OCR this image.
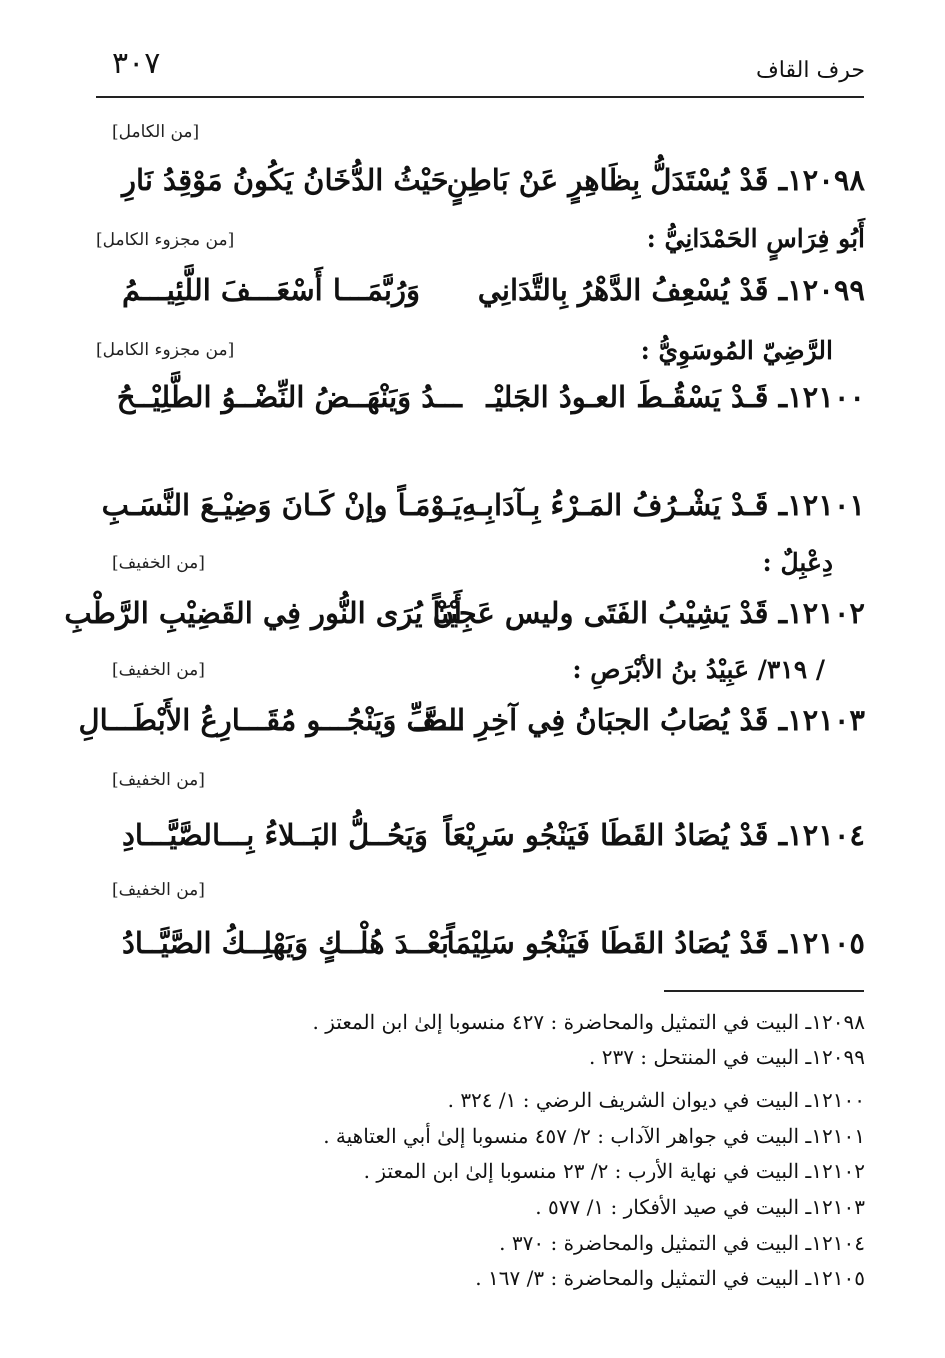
حرف القاف
٣٠٧
[من الكامل]
١٢٠٩٨ـ قَدْ يُسْتَدَلُّ بِظَاهِرٍ عَنْ بَاطِنٍ
حَيْثُ الدُّخَانُ يَكُونُ مَوْقِدُ نَارِ
أَبُو فِرَاسٍ الحَمْدَانِيُّ :
[من مجزوء الكامل]
١٢٠٩٩ـ قَدْ يُسْعِفُ الدَّهْرُ بِالتَّدَانِي
وَرُبَّمَـــا أَسْعَـــفَ اللَّئِيـــمُ
الرَّضِيّ المُوسَوِيُّ :
[من مجزوء الكامل]
١٢١٠٠ـ قَـدْ يَسْقُـطَ العـودُ الجَليْـ
ـــدُ وَيَنْهَــضُ النِّضْــوُ الطَّلِيْــحُ
١٢١٠١ـ قَـدْ يَشْـرُفُ المَـرْءُ بِـآدَابِـهِ
يَـوْمَـاً وإنْ كَـانَ وَضِيْـعَ النَّسَـبِ
دِعْبِلٌ :
[من الخفيف]
١٢١٠٢ـ قَدْ يَشِيْبُ الفَتَى وليس عَجِيْبَاً
أَنْ يُرَى النُّور فِي القَضِيْبِ الرَّطْبِ
/ ٣١٩/ عَبِيْدُ بنُ الأبْرَصِ :
[من الخفيف]
١٢١٠٣ـ قَدْ يُصَابُ الجبَانُ فِي آخِرِ الصَّـ
ـــفِّ وَيَنْجُـــو مُقَـــارِعُ الأَبْطَـــالِ
[من الخفيف]
١٢١٠٤ـ قَدْ يُصَادُ القَطَا فَيَنْجُو سَرِيْعَاً
وَيَحُــلُّ البَــلاءُ بِـــالصَّيَّـــادِ
[من الخفيف]
١٢١٠٥ـ قَدْ يُصَادُ القَطَا فَيَنْجُو سَلِيْمَاً
بَعْــدَ هُلْــكٍ وَيَهْلِــكُ الصَّيَّــادُ
١٢٠٩٨ـ البيت في التمثيل والمحاضرة : ٤٢٧ منسوبا إلىٰ ابن المعتز .
١٢٠٩٩ـ البيت في المنتحل : ٢٣٧ .
١٢١٠٠ـ البيت في ديوان الشريف الرضي : ١/ ٣٢٤ .
١٢١٠١ـ البيت في جواهر الآداب : ٢/ ٤٥٧ منسوبا إلىٰ أبي العتاهية .
١٢١٠٢ـ البيت في نهاية الأرب : ٢/ ٢٣ منسوبا إلىٰ ابن المعتز .
١٢١٠٣ـ البيت في صيد الأفكار : ١/ ٥٧٧ .
١٢١٠٤ـ البيت في التمثيل والمحاضرة : ٣٧٠ .
١٢١٠٥ـ البيت في التمثيل والمحاضرة : ٣/ ١٦٧ .
